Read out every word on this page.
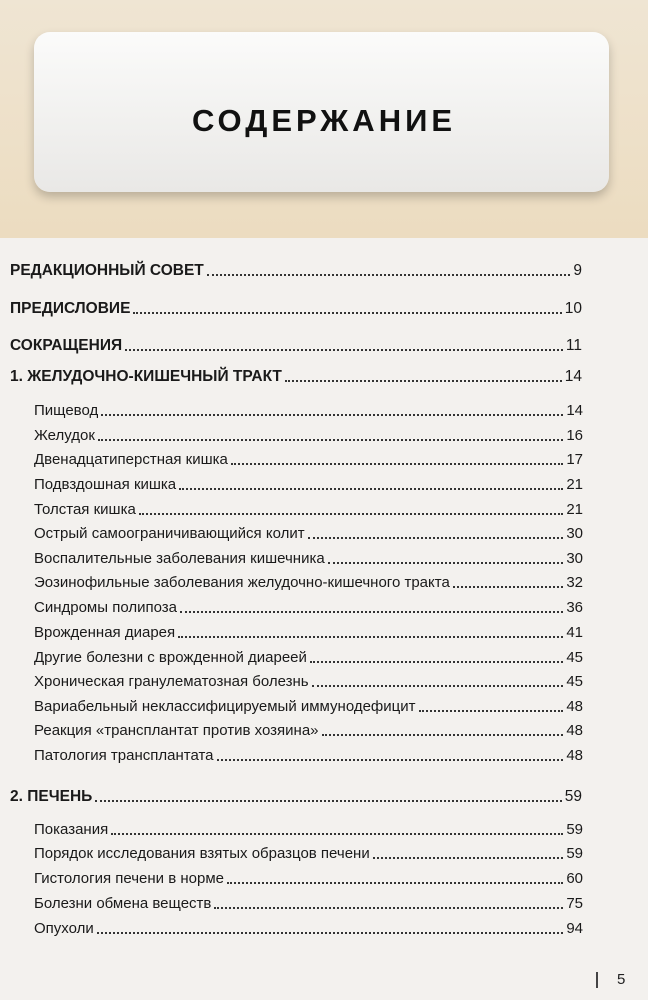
СОДЕРЖАНИЕ
РЕДАКЦИОННЫЙ СОВЕТ	9
ПРЕДИСЛОВИЕ	10
СОКРАЩЕНИЯ	11
1. ЖЕЛУДОЧНО-КИШЕЧНЫЙ ТРАКТ	14
Пищевод	14
Желудок	16
Двенадцатиперстная кишка	17
Подвздошная кишка	21
Толстая кишка	21
Острый самоограничивающийся колит	30
Воспалительные заболевания кишечника	30
Эозинофильные заболевания желудочно-кишечного тракта	32
Синдромы полипоза	36
Врожденная диарея	41
Другие болезни с врожденной диареей	45
Хроническая гранулематозная болезнь	45
Вариабельный неклассифицируемый иммунодефицит	48
Реакция «трансплантат против хозяина»	48
Патология трансплантата	48
2. ПЕЧЕНЬ	59
Показания	59
Порядок исследования взятых образцов печени	59
Гистология печени в норме	60
Болезни обмена веществ	75
Опухоли	94
5
